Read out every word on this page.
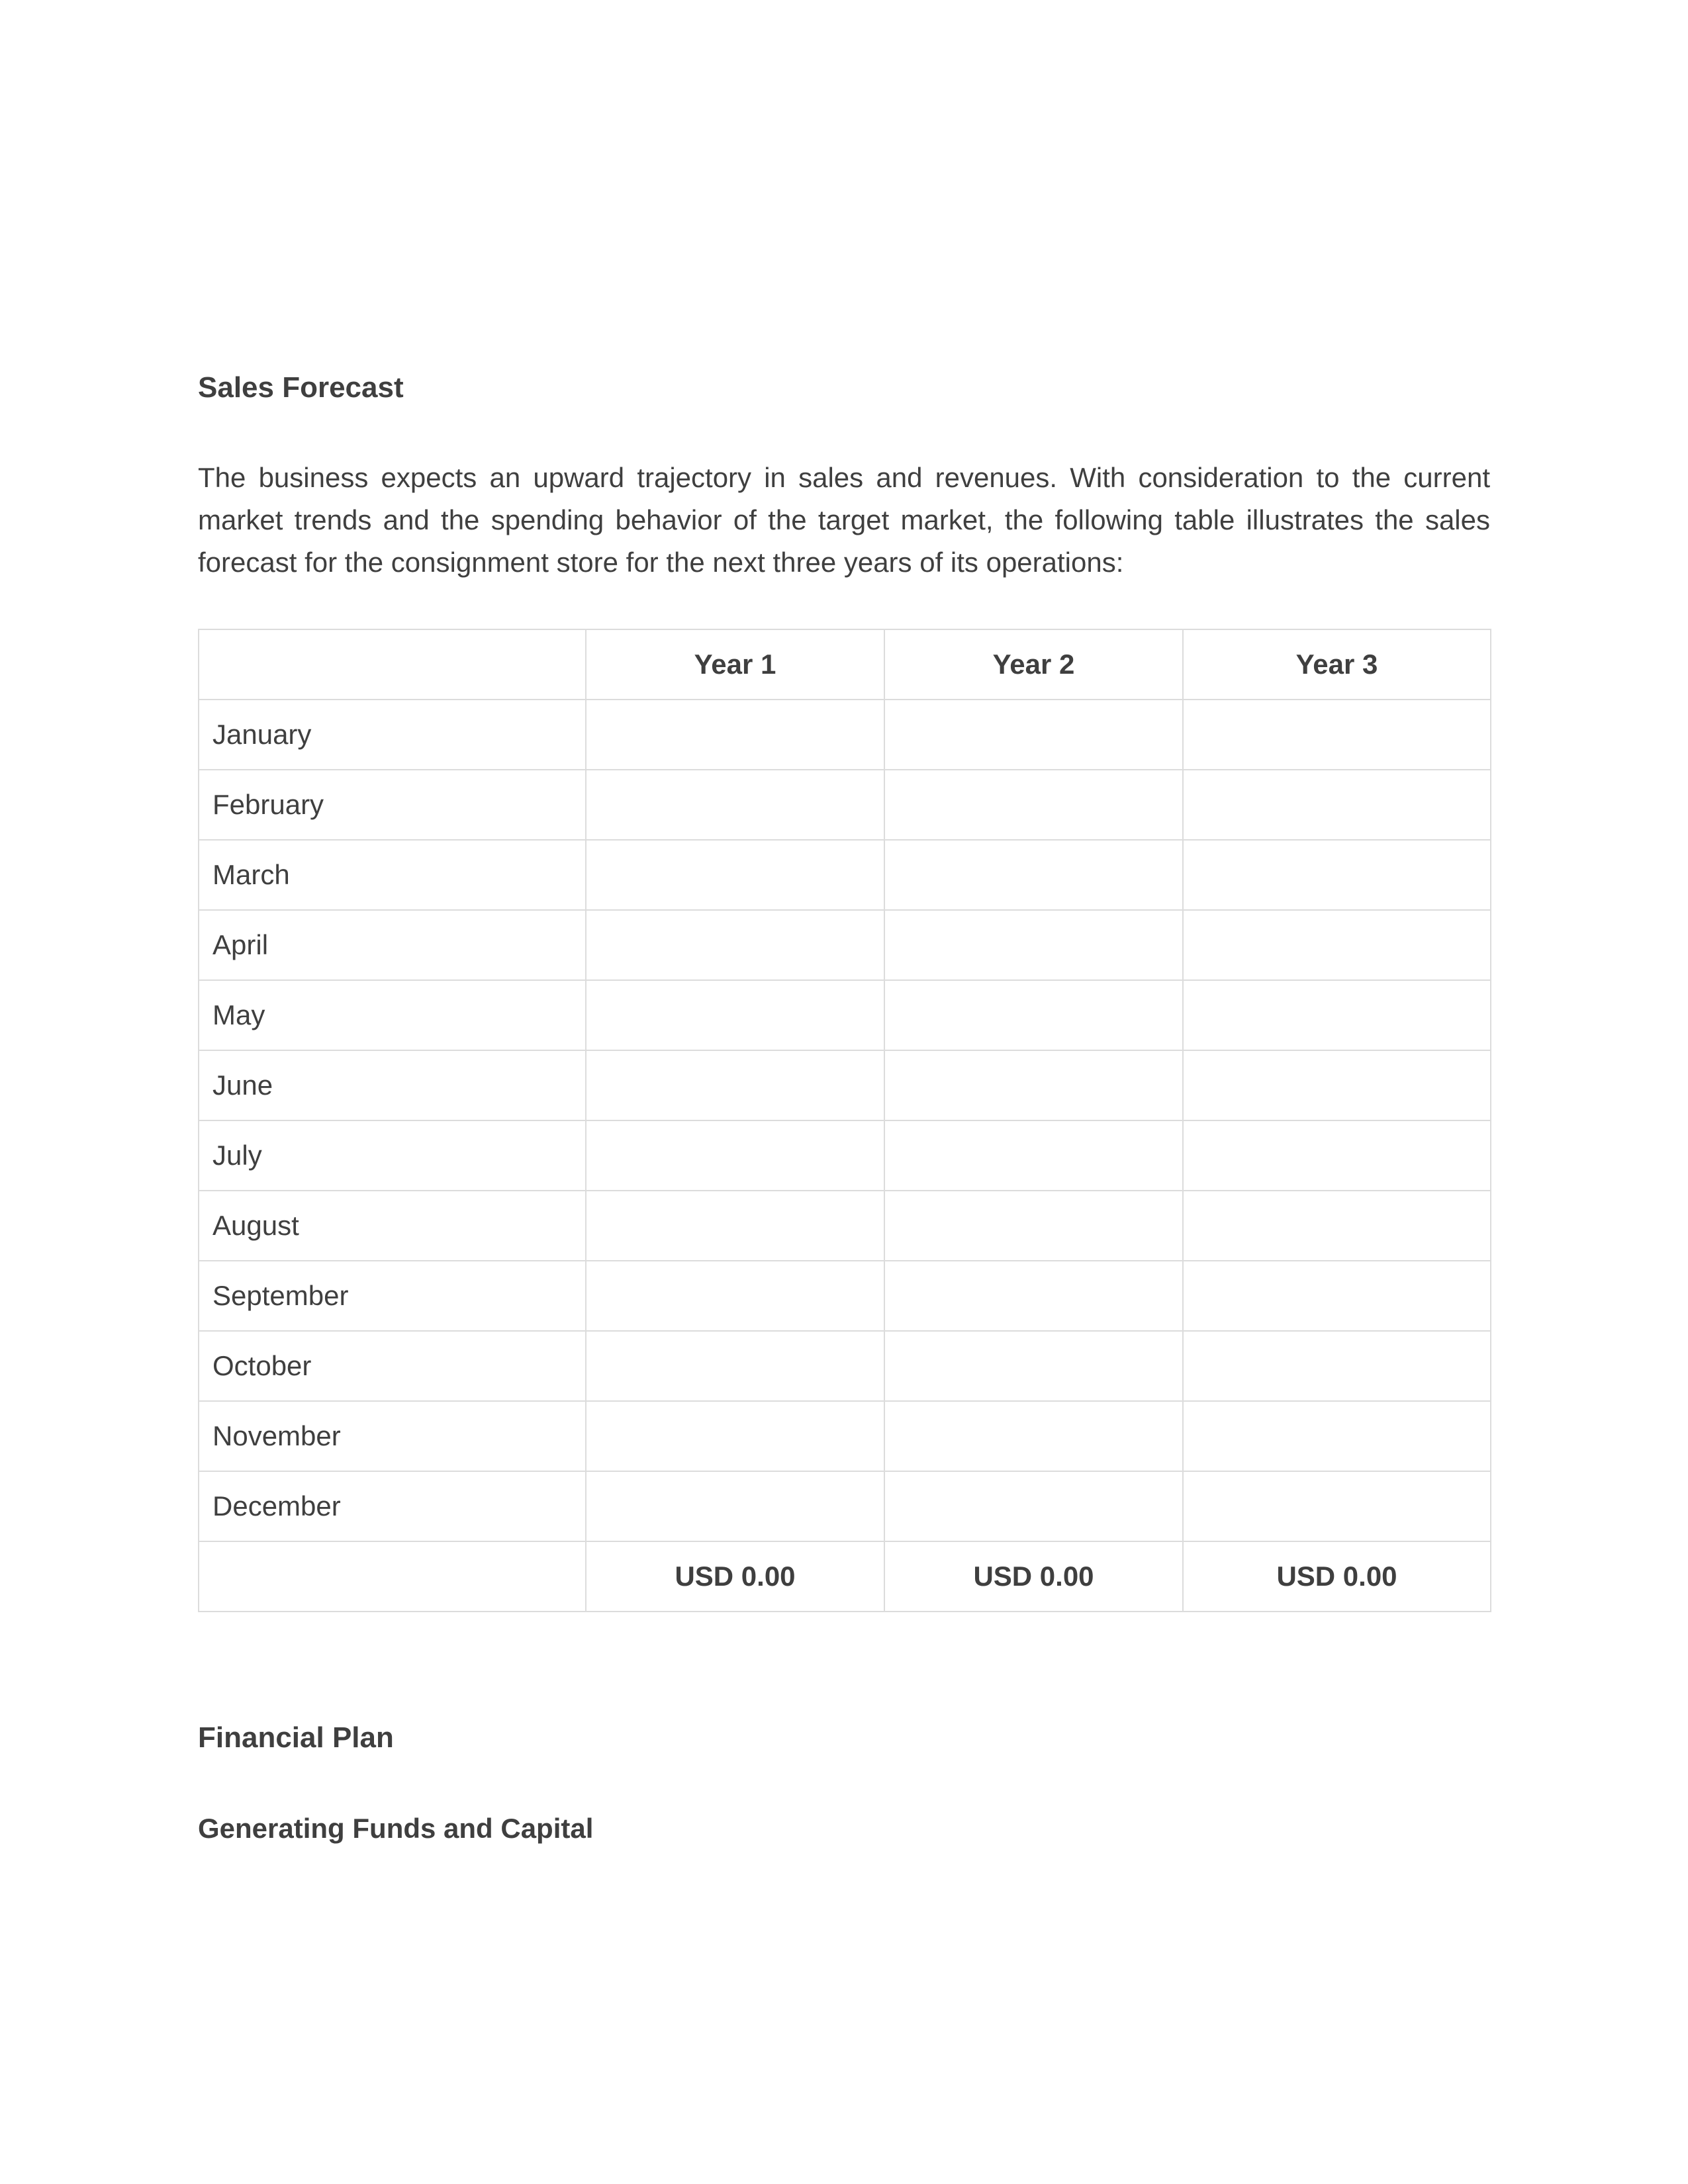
Sales Forecast

The business expects an upward trajectory in sales and revenues. With consideration to the current market trends and the spending behavior of the target market, the following table illustrates the sales forecast for the consignment store for the next three years of its operations:

	Year 1	Year 2	Year 3
January			
February			
March			
April			
May			
June			
July			
August			
September			
October			
November			
December			
	USD 0.00	USD 0.00	USD 0.00
Financial Plan
Generating Funds and Capital
